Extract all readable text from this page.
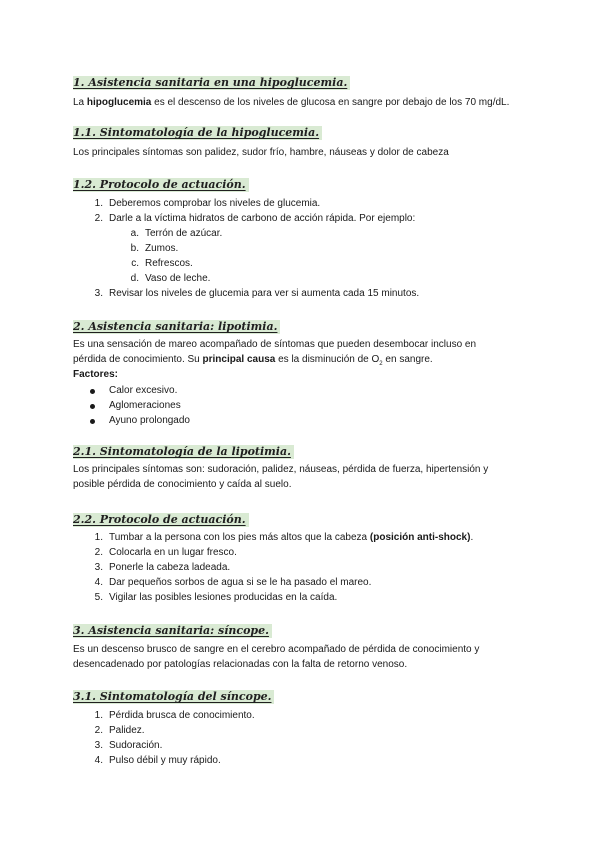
1. Asistencia sanitaria en una hipoglucemia.

La hipoglucemia es el descenso de los niveles de glucosa en sangre por debajo de los 70 mg/dL.

1.1. Sintomatología de la hipoglucemia.

Los principales síntomas son palidez, sudor frío, hambre, náuseas y dolor de cabeza

1.2. Protocolo de actuación.
1. Deberemos comprobar los niveles de glucemia.
2. Darle a la víctima hidratos de carbono de acción rápida. Por ejemplo:
a. Terrón de azúcar.
b. Zumos.
c. Refrescos.
d. Vaso de leche.
3. Revisar los niveles de glucemia para ver si aumenta cada 15 minutos.
2. Asistencia sanitaria: lipotimia.

Es una sensación de mareo acompañado de síntomas que pueden desembocar incluso en

pérdida de conocimiento. Su principal causa es la disminución de $O_2$ en sangre.

Factores:

Calor excesivo.
Aglomeraciones
Ayuno prolongado
2.1. Sintomatología de la lipotimia.

Los principales síntomas son: sudoración, palidez, náuseas, pérdida de fuerza, hipertensión y

posible pérdida de conocimiento y caída al suelo.

2.2. Protocolo de actuación.
1. Tumbar a la persona con los pies más altos que la cabeza (posición anti-shock).
2. Colocarla en un lugar fresco.
3. Ponerle la cabeza ladeada.
4. Dar pequeños sorbos de agua si se le ha pasado el mareo.
5. Vigilar las posibles lesiones producidas en la caída.
3. Asistencia sanitaria: síncope.

Es un descenso brusco de sangre en el cerebro acompañado de pérdida de conocimiento y

desencadenado por patologías relacionadas con la falta de retorno venoso.

3.1. Sintomatología del síncope.
1. Pérdida brusca de conocimiento.
2. Palidez.
3. Sudoración.
4. Pulso débil y muy rápido.
